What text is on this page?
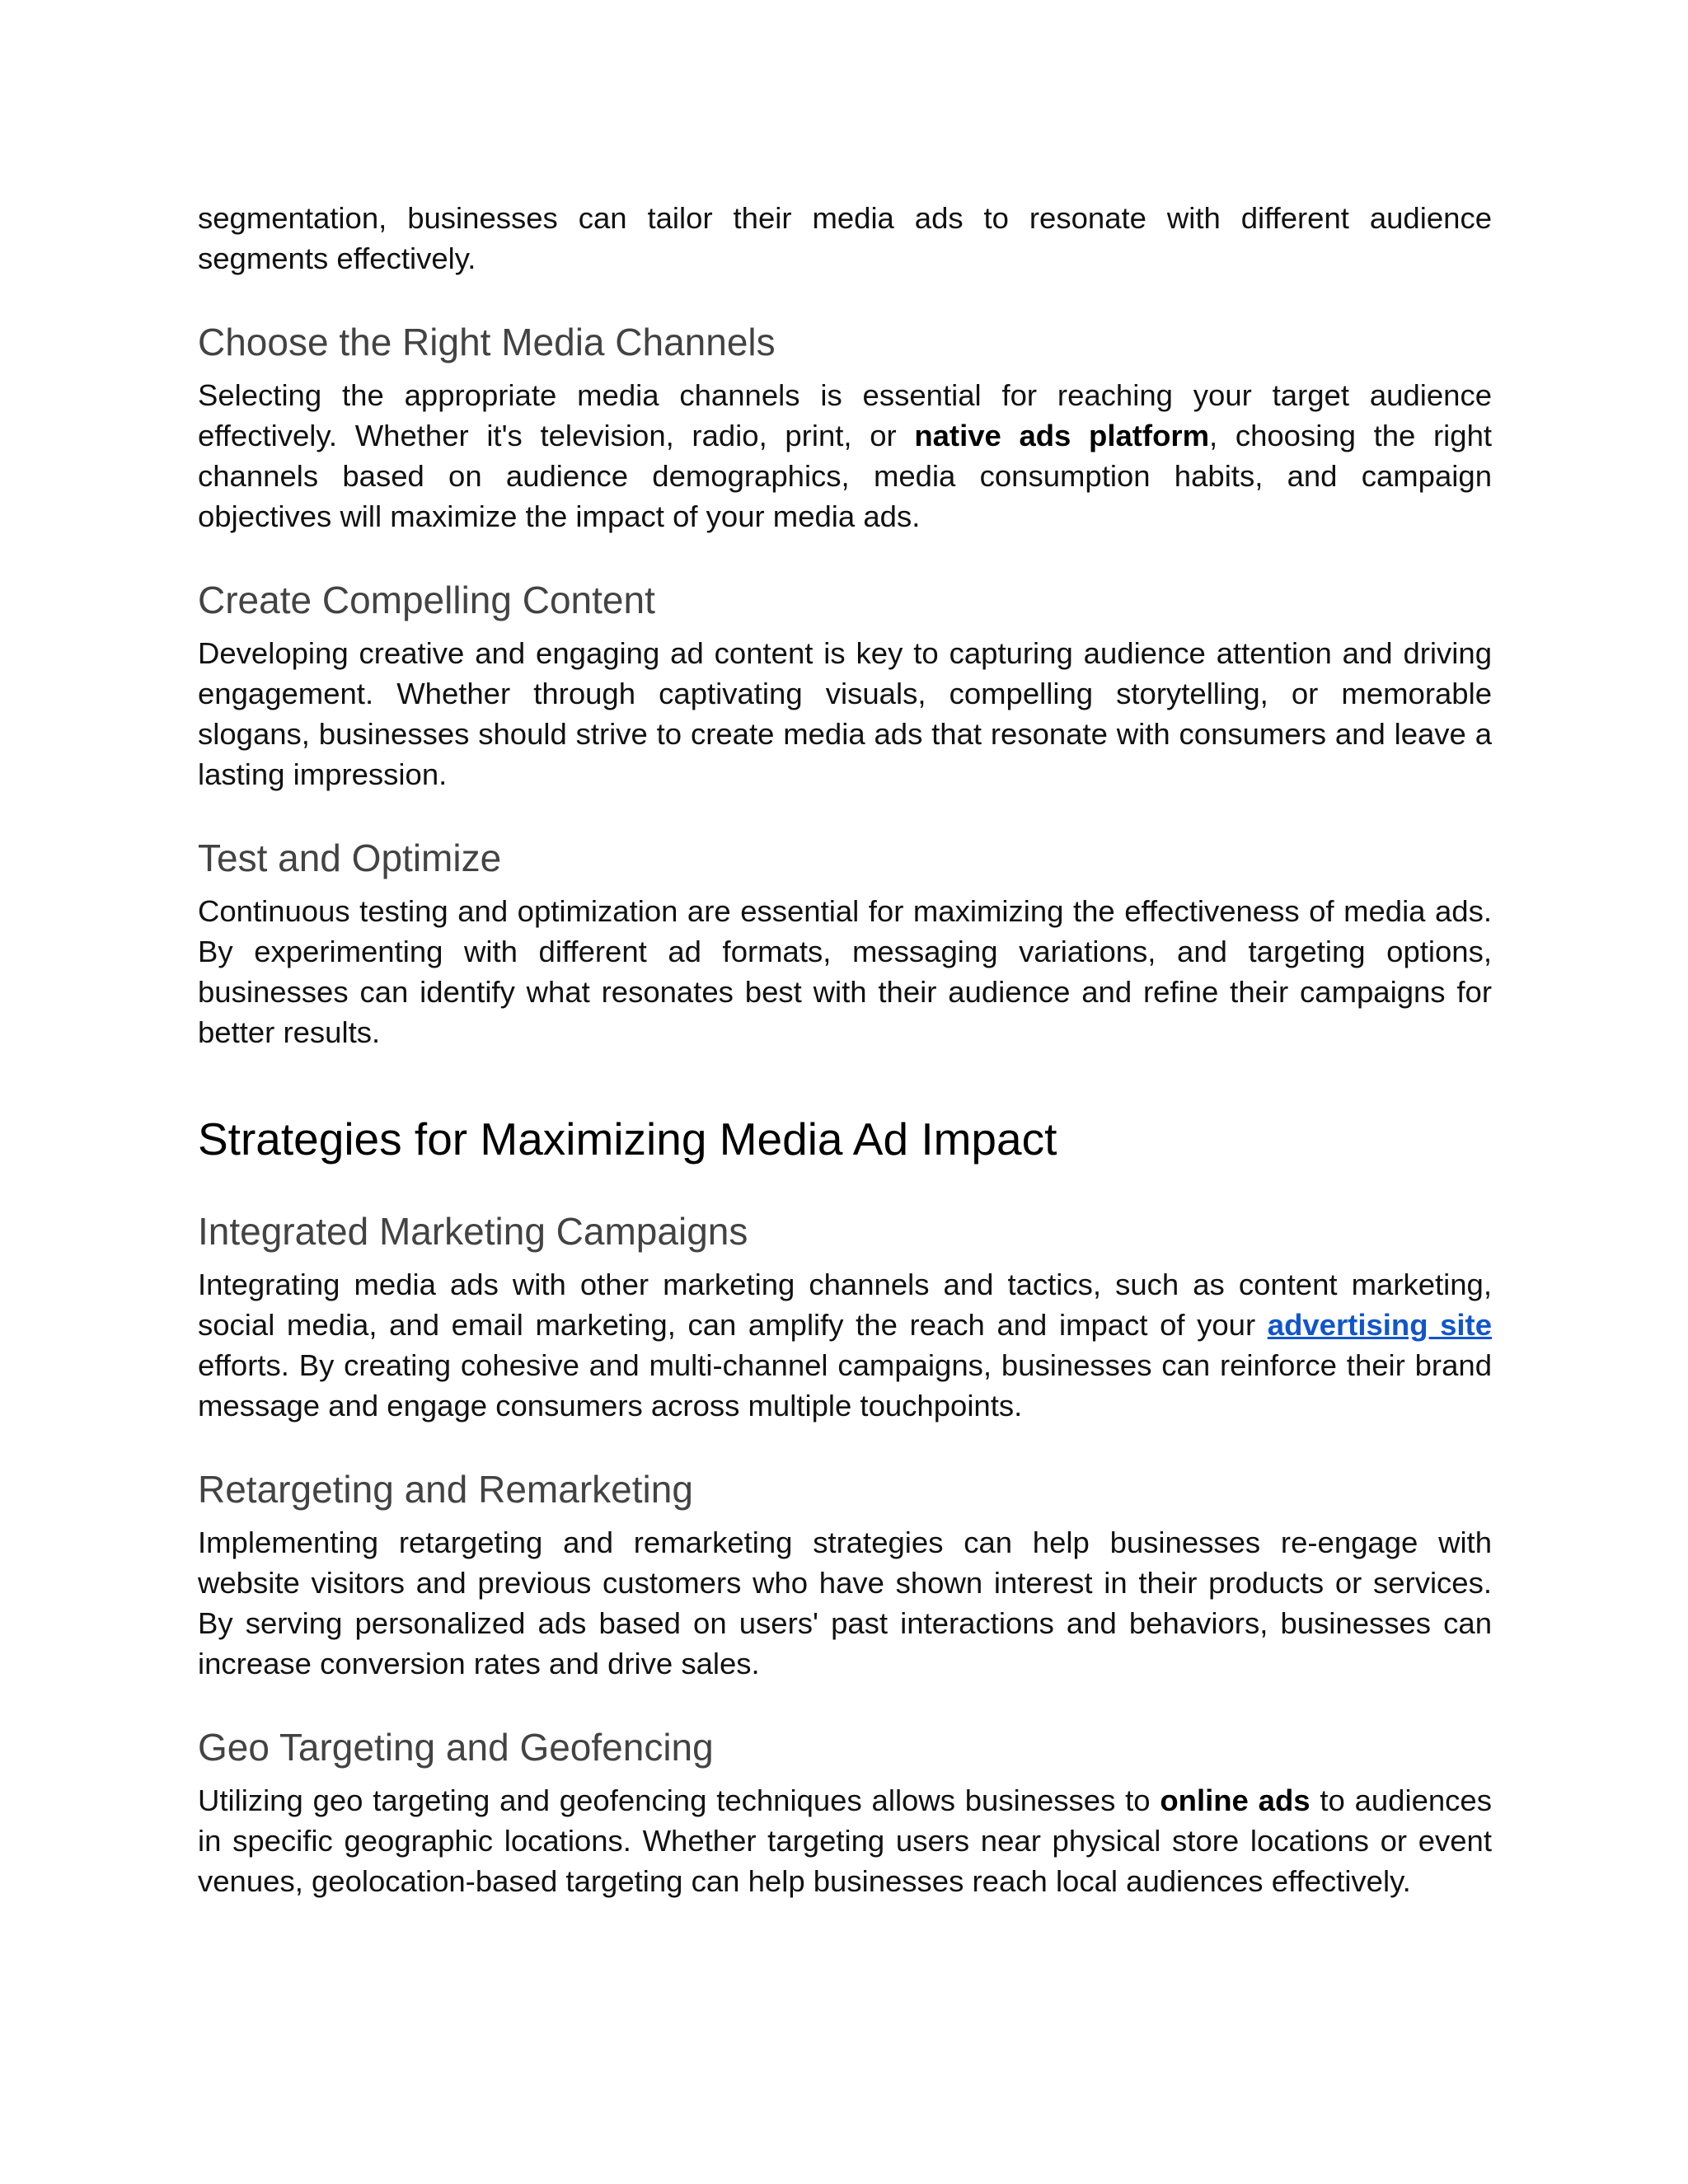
segmentation, businesses can tailor their media ads to resonate with different audience segments effectively.

Choose the Right Media Channels

Selecting the appropriate media channels is essential for reaching your target audience effectively. Whether it's television, radio, print, or native ads platform, choosing the right channels based on audience demographics, media consumption habits, and campaign objectives will maximize the impact of your media ads.

Create Compelling Content

Developing creative and engaging ad content is key to capturing audience attention and driving engagement. Whether through captivating visuals, compelling storytelling, or memorable slogans, businesses should strive to create media ads that resonate with consumers and leave a lasting impression.

Test and Optimize

Continuous testing and optimization are essential for maximizing the effectiveness of media ads. By experimenting with different ad formats, messaging variations, and targeting options, businesses can identify what resonates best with their audience and refine their campaigns for better results.

Strategies for Maximizing Media Ad Impact
Integrated Marketing Campaigns

Integrating media ads with other marketing channels and tactics, such as content marketing, social media, and email marketing, can amplify the reach and impact of your advertising site efforts. By creating cohesive and multi-channel campaigns, businesses can reinforce their brand message and engage consumers across multiple touchpoints.

Retargeting and Remarketing

Implementing retargeting and remarketing strategies can help businesses re-engage with website visitors and previous customers who have shown interest in their products or services. By serving personalized ads based on users' past interactions and behaviors, businesses can increase conversion rates and drive sales.

Geo Targeting and Geofencing

Utilizing geo targeting and geofencing techniques allows businesses to online ads to audiences in specific geographic locations. Whether targeting users near physical store locations or event venues, geolocation-based targeting can help businesses reach local audiences effectively.
